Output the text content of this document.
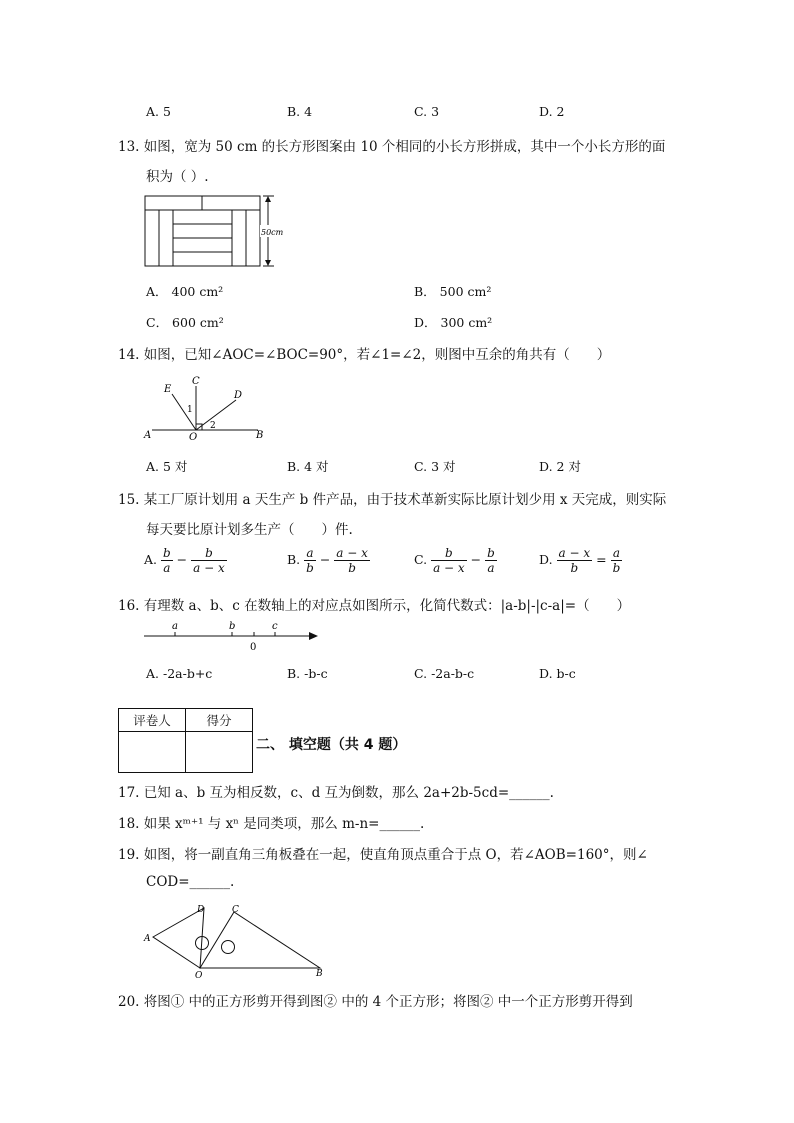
A. 5	B. 4	C. 3	D. 2
13. 如图，宽为 50 cm 的长方形图案由 10 个相同的小长方形拼成，其中一个小长方形的面
积为（ ）.
50cm
A． 400 cm²	B． 500 cm²
C． 600 cm²	D． 300 cm²
14. 如图，已知∠AOC=∠BOC=90°，若∠1=∠2，则图中互余的角共有（　　）
E
C
D
A	O	B
1
2
A. 5 对	B. 4 对	C. 3 对	D. 2 对
15. 某工厂原计划用 a 天生产 b 件产品，由于技术革新实际比原计划少用 x 天完成，则实际
每天要比原计划多生产（　　）件.
A. $\frac{b}{a} - \frac{b}{a - x}$	B. $\frac{a}{b} - \frac{a - x}{b}$	C. $\frac{b}{a - x} - \frac{b}{a}$	D. $\frac{a - x}{b} = \frac{a}{b}$
16. 有理数 a、b、c 在数轴上的对应点如图所示，化简代数式：|a-b|-|c-a|=（　　）
a	b	c
0
A. -2a-b+c	B. -b-c	C. -2a-b-c	D. b-c
评卷人	得分

二、 填空题（共 4 题）
17. 已知 a、b 互为相反数，c、d 互为倒数，那么 2a+2b-5cd=______.
18. 如果 xᵐ⁺¹ 与 xⁿ 是同类项，那么 m-n=______.
19. 如图，将一副直角三角板叠在一起，使直角顶点重合于点 O，若∠AOB=160°，则∠
COD=______.
A
D	C
O	B
20. 将图① 中的正方形剪开得到图② 中的 4 个正方形；将图② 中一个正方形剪开得到
